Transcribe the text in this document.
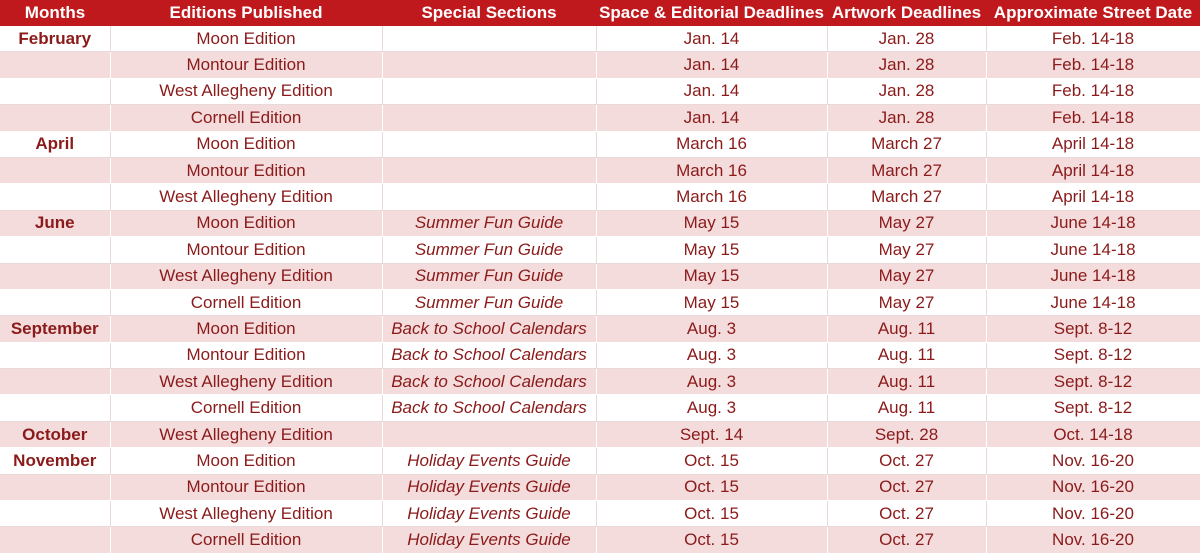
Months	Editions Published	Special Sections	Space & Editorial Deadlines	Artwork Deadlines	Approximate Street Date
February	Moon Edition		Jan. 14	Jan. 28	Feb. 14-18
	Montour Edition		Jan. 14	Jan. 28	Feb. 14-18
	West Allegheny Edition		Jan. 14	Jan. 28	Feb. 14-18
	Cornell Edition		Jan. 14	Jan. 28	Feb. 14-18
April	Moon Edition		March 16	March 27	April 14-18
	Montour Edition		March 16	March 27	April 14-18
	West Allegheny Edition		March 16	March 27	April 14-18
June	Moon Edition	Summer Fun Guide	May 15	May 27	June 14-18
	Montour Edition	Summer Fun Guide	May 15	May 27	June 14-18
	West Allegheny Edition	Summer Fun Guide	May 15	May 27	June 14-18
	Cornell Edition	Summer Fun Guide	May 15	May 27	June 14-18
September	Moon Edition	Back to School Calendars	Aug. 3	Aug. 11	Sept. 8-12
	Montour Edition	Back to School Calendars	Aug. 3	Aug. 11	Sept. 8-12
	West Allegheny Edition	Back to School Calendars	Aug. 3	Aug. 11	Sept. 8-12
	Cornell Edition	Back to School Calendars	Aug. 3	Aug. 11	Sept. 8-12
October	West Allegheny Edition		Sept. 14	Sept. 28	Oct. 14-18
November	Moon Edition	Holiday Events Guide	Oct. 15	Oct. 27	Nov. 16-20
	Montour Edition	Holiday Events Guide	Oct. 15	Oct. 27	Nov. 16-20
	West Allegheny Edition	Holiday Events Guide	Oct. 15	Oct. 27	Nov. 16-20
	Cornell Edition	Holiday Events Guide	Oct. 15	Oct. 27	Nov. 16-20
